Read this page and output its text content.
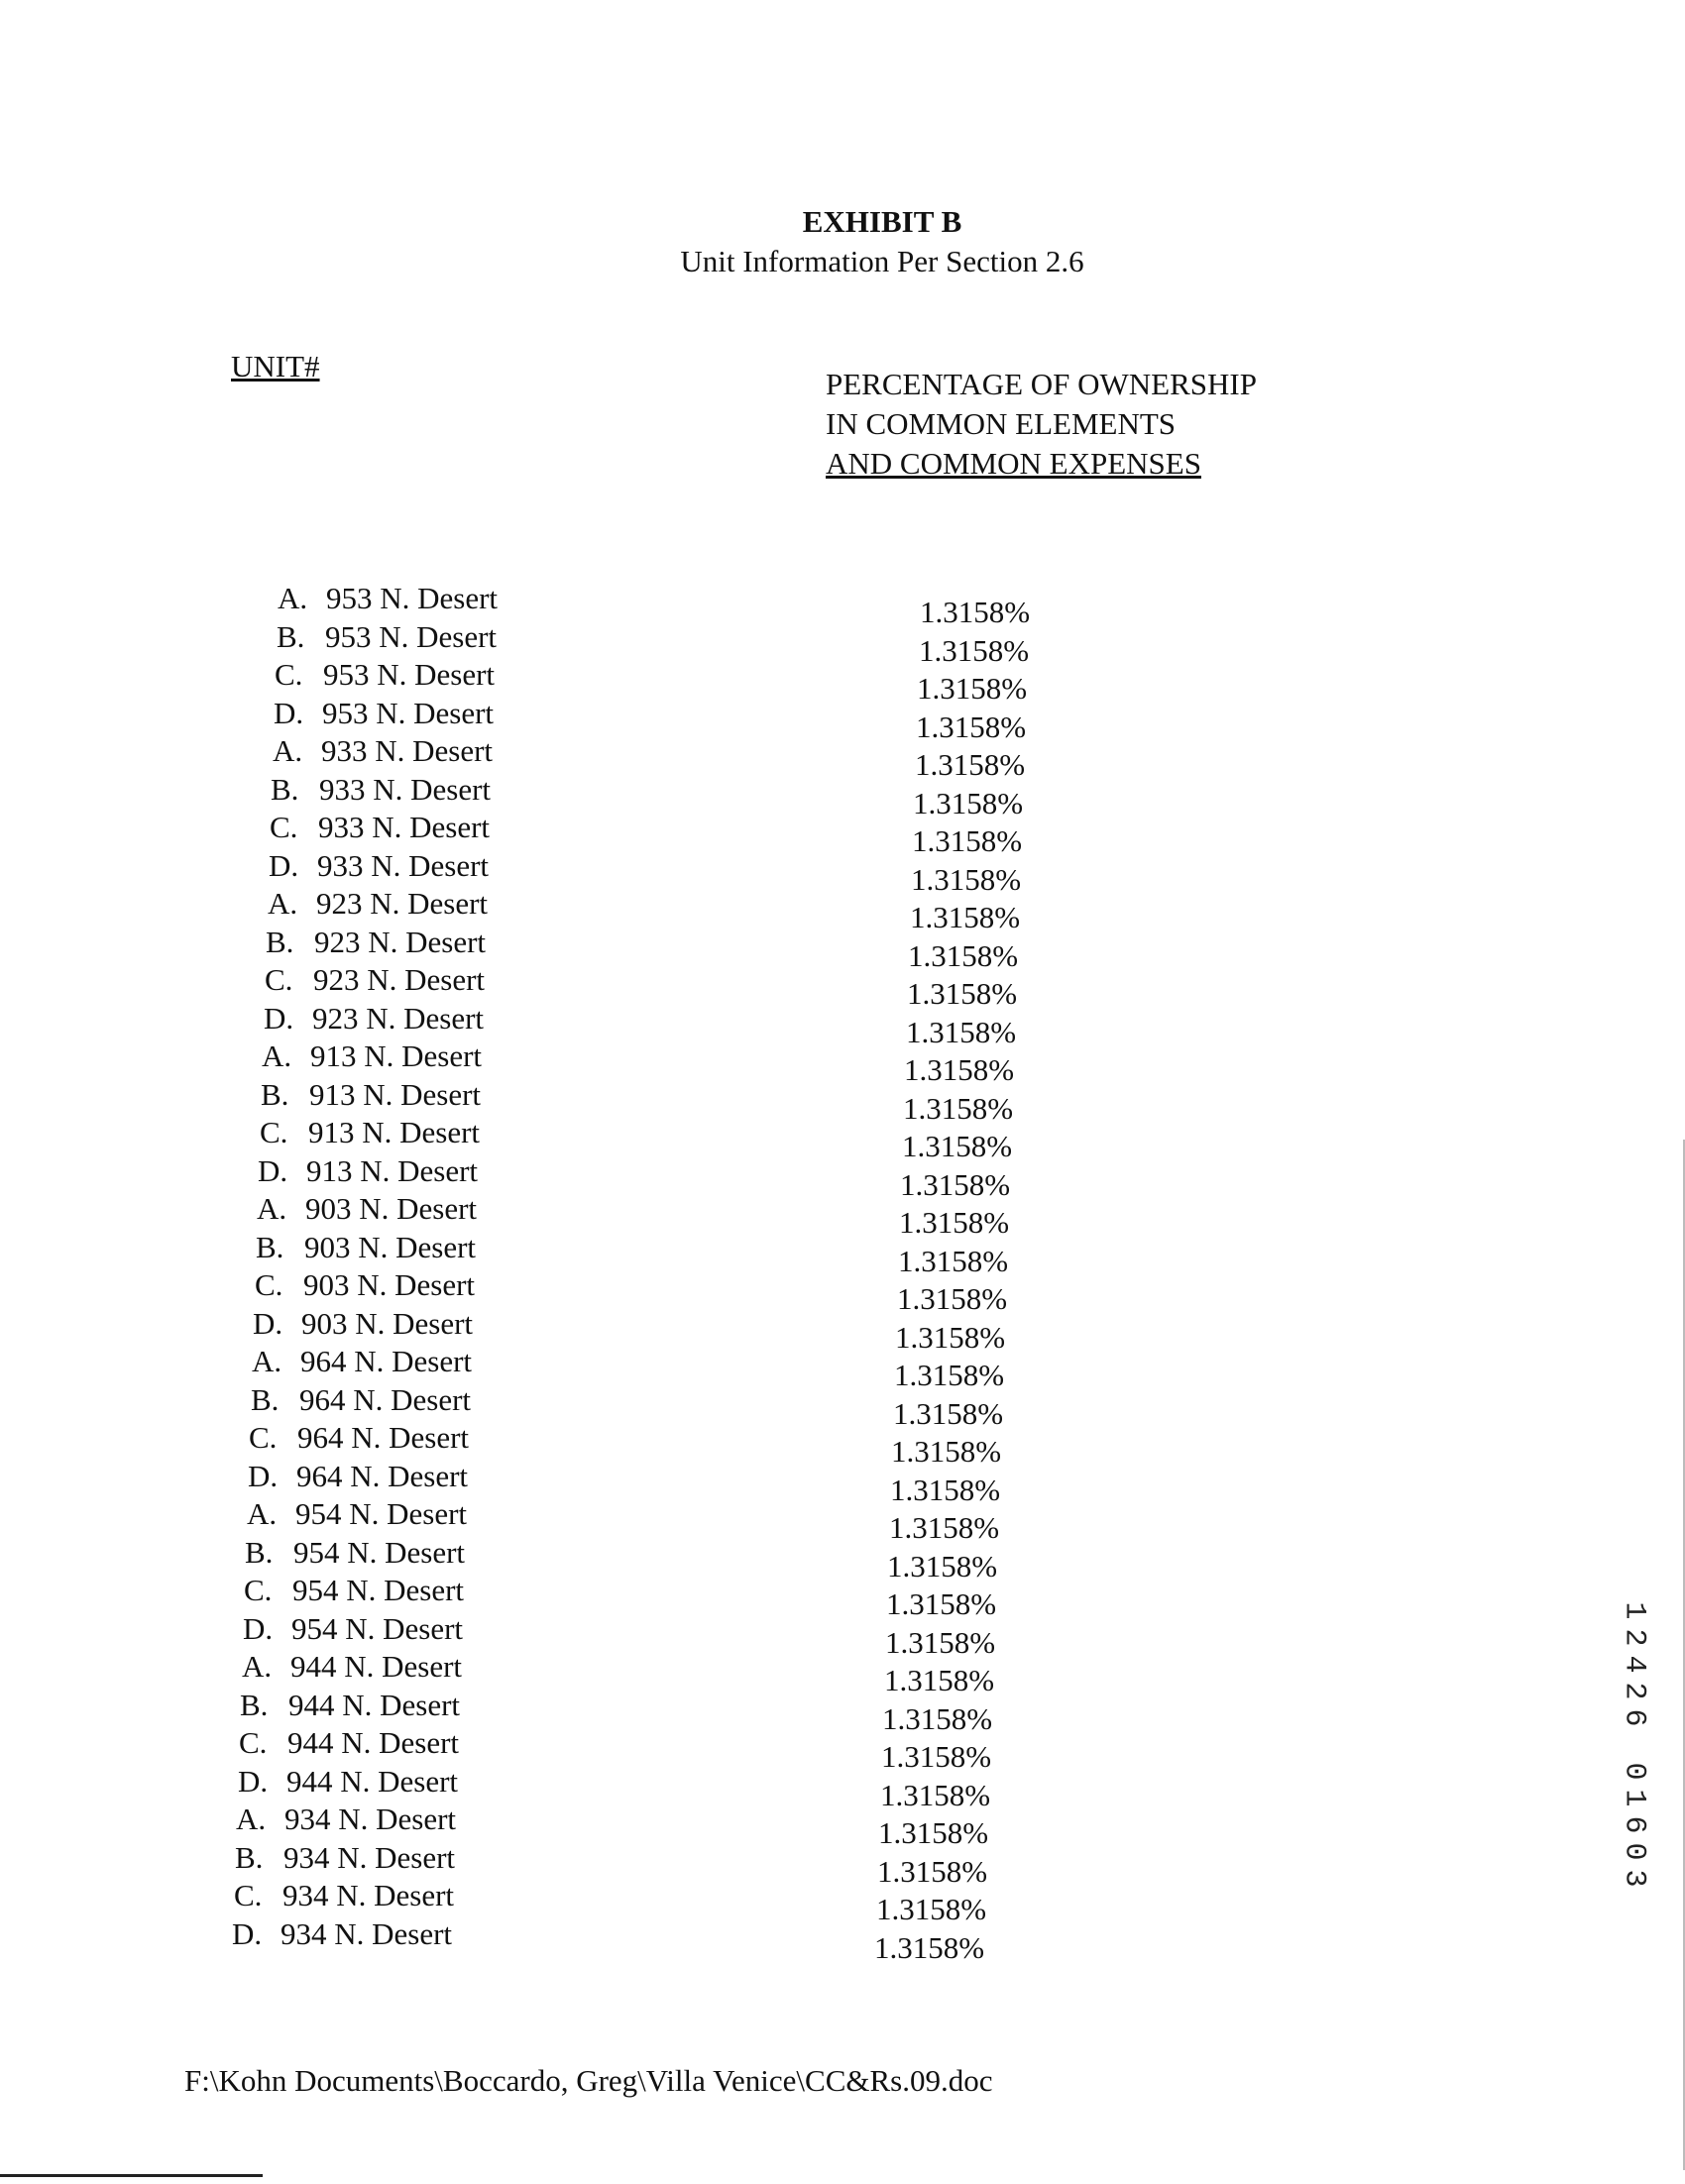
EXHIBIT B
Unit Information Per Section 2.6
UNIT#
PERCENTAGE OF OWNERSHIP
IN COMMON ELEMENTS
AND COMMON EXPENSES
A. 953 N. Desert	1.3158%
B. 953 N. Desert	1.3158%
C. 953 N. Desert	1.3158%
D. 953 N. Desert	1.3158%
A. 933 N. Desert	1.3158%
B. 933 N. Desert	1.3158%
C. 933 N. Desert	1.3158%
D. 933 N. Desert	1.3158%
A. 923 N. Desert	1.3158%
B. 923 N. Desert	1.3158%
C. 923 N. Desert	1.3158%
D. 923 N. Desert	1.3158%
A. 913 N. Desert	1.3158%
B. 913 N. Desert	1.3158%
C. 913 N. Desert	1.3158%
D. 913 N. Desert	1.3158%
A. 903 N. Desert	1.3158%
B. 903 N. Desert	1.3158%
C. 903 N. Desert	1.3158%
D. 903 N. Desert	1.3158%
A. 964 N. Desert	1.3158%
B. 964 N. Desert	1.3158%
C. 964 N. Desert	1.3158%
D. 964 N. Desert	1.3158%
A. 954 N. Desert	1.3158%
B. 954 N. Desert	1.3158%
C. 954 N. Desert	1.3158%
D. 954 N. Desert	1.3158%
A. 944 N. Desert	1.3158%
B. 944 N. Desert	1.3158%
C. 944 N. Desert	1.3158%
D. 944 N. Desert	1.3158%
A. 934 N. Desert	1.3158%
B. 934 N. Desert	1.3158%
C. 934 N. Desert	1.3158%
D. 934 N. Desert	1.3158%
F:\Kohn Documents\Boccardo, Greg\Villa Venice\CC&Rs.09.doc
1
2
4
2
6

0
1
6
0
3
